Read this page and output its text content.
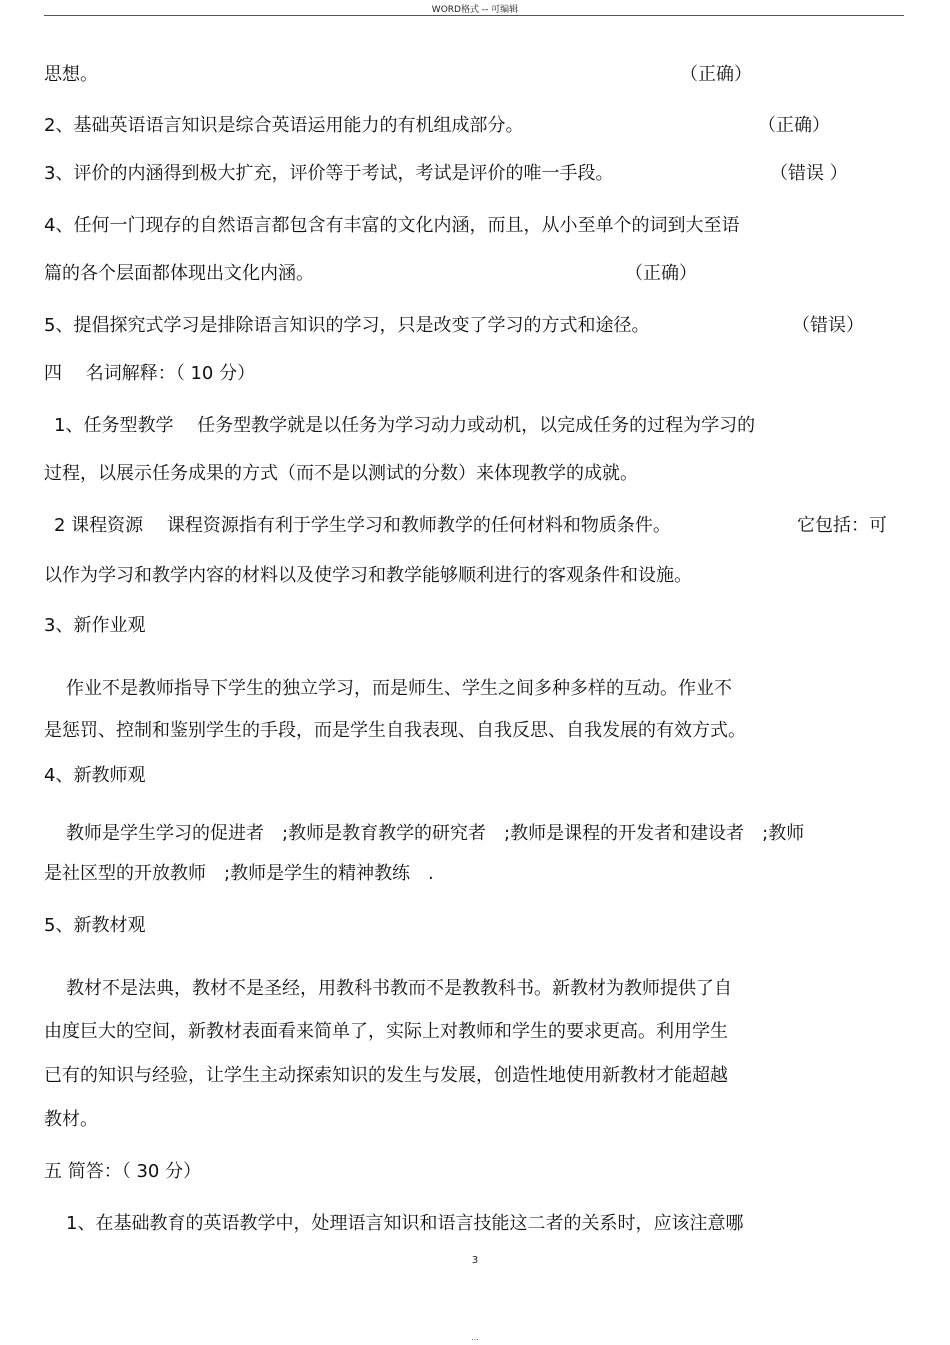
WORD格式 -- 可编辑
思想。	（正确）
2、基础英语语言知识是综合英语运用能力的有机组成部分。	（正确）
3、评价的内涵得到极大扩充，评价等于考试，考试是评价的唯一手段。	（错误 ）
4、任何一门现存的自然语言都包含有丰富的文化内涵，而且，从小至单个的词到大至语
篇的各个层面都体现出文化内涵。	（正确）
5、提倡探究式学习是排除语言知识的学习，只是改变了学习的方式和途径。	（错误）
四　 名词解释：（ 10 分）
1、任务型教学　 任务型教学就是以任务为学习动力或动机，以完成任务的过程为学习的
过程，以展示任务成果的方式（而不是以测试的分数）来体现教学的成就。
2 课程资源　 课程资源指有利于学生学习和教师教学的任何材料和物质条件。	它包括：可
以作为学习和教学内容的材料以及使学习和教学能够顺利进行的客观条件和设施。
3、新作业观
作业不是教师指导下学生的独立学习，而是师生、学生之间多种多样的互动。作业不
是惩罚、控制和鉴别学生的手段，而是学生自我表现、自我反思、自我发展的有效方式。
4、新教师观
教师是学生学习的促进者　;教师是教育教学的研究者　;教师是课程的开发者和建设者　;教师
是社区型的开放教师　;教师是学生的精神教练　.
5、新教材观
教材不是法典，教材不是圣经，用教科书教而不是教教科书。新教材为教师提供了自
由度巨大的空间，新教材表面看来简单了，实际上对教师和学生的要求更高。利用学生
已有的知识与经验，让学生主动探索知识的发生与发展，创造性地使用新教材才能超越
教材。
五 简答：（ 30 分）
1、在基础教育的英语教学中，处理语言知识和语言技能这二者的关系时，应该注意哪
3
...
